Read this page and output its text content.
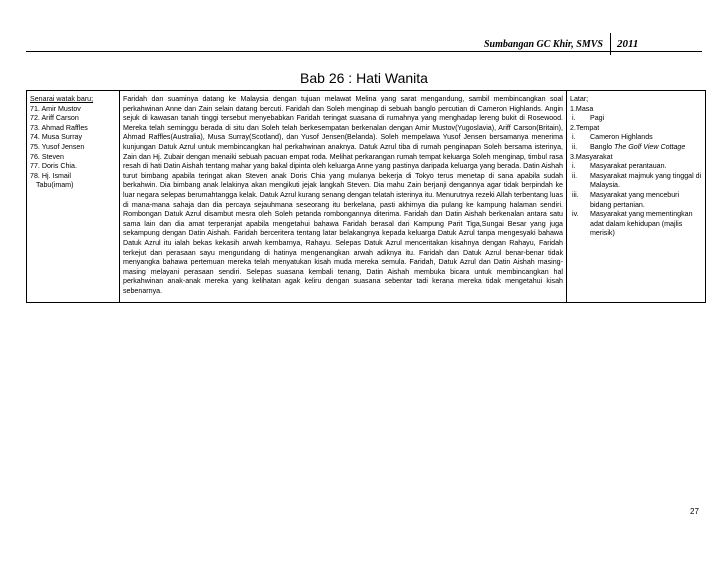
Sumbangan GC Khir, SMVS 2011
Bab 26 : Hati Wanita
Senarai watak baru;
71. Amir Mustov
72. Ariff Carson
73. Ahmad Raffles
74. Musa Surray
75. Yusof Jensen
76. Steven
77. Doris Chia.
78. Hj. Ismail
Tabu(imam)

Faridah dan suaminya datang ke Malaysia dengan tujuan melawat Melina yang sarat mengandung, sambil membincangkan soal perkahwinan Anne dan Zain selain datang bercuti. Faridah dan Soleh menginap di sebuah banglo percutian di Cameron Highlands. Angin sejuk di kawasan tanah tinggi tersebut menyebabkan Faridah teringat suasana di rumahnya yang menghadap lereng bukit di Rosewood. Mereka telah seminggu berada di situ dan Soleh telah berkesempatan berkenalan dengan Amir Mustov(Yugoslavia), Ariff Carson(Britain), Ahmad Raffles(Australia), Musa Surray(Scotland), dan Yusof Jensen(Belanda). Soleh mempelawa Yusof Jensen bersamanya menerima kunjungan Datuk Azrul untuk membincangkan hal perkahwinan anaknya. Datuk Azrul tiba di rumah penginapan Soleh bersama isterinya, Zain dan Hj. Zubair dengan menaiki sebuah pacuan empat roda. Melihat perkarangan rumah tempat keluarga Soleh menginap, timbul rasa resah di hati Datin Aishah tentang mahar yang bakal dipinta oleh keluarga Anne yang pastinya daripada keluarga yang berada. Datin Aishah turut bimbang apabila teringat akan Steven anak Doris Chia yang mulanya bekerja di Tokyo terus menetap di sana apabila sudah berkahwin. Dia bimbang anak lelakinya akan mengikuti jejak langkah Steven. Dia mahu Zain berjanji dengannya agar tidak berpindah ke luar negara selepas berumahtangga kelak. Datuk Azrul kurang senang dengan telatah isterinya itu. Menurutnya rezeki Allah terbentang luas di mana-mana sahaja dan dia percaya sejauhmana seseorang itu berkelana, pasti akhirnya dia pulang ke kampung halaman sendiri. Rombongan Datuk Azrul disambut mesra oleh Soleh petanda rombongannya diterima. Faridah dan Datin Aishah berkenalan antara satu sama lain dan dia amat terperanjat apabila mengetahui bahawa Faridah berasal dari Kampung Parit Tiga,Sungai Besar yang juga sekampung dengan Datin Aishah. Faridah berceritera tentang latar belakangnya kepada keluarga Datuk Azrul tanpa mengesyaki bahawa Datuk Azrul itu ialah bekas kekasih arwah kembarnya, Rahayu. Selepas Datuk Azrul menceritakan kisahnya dengan Rahayu, Faridah terkejut dan perasaan sayu mengundang di hatinya mengenangkan arwah adiknya itu. Faridah dan Datuk Azrul benar-benar tidak menyangka bahawa pertemuan mereka telah menyatukan kisah muda mereka semula. Faridah, Datuk Azrul dan Datin Aishah masing-masing melayani perasaan sendiri. Selepas suasana kembali tenang, Datin Aishah membuka bicara untuk membincangkan hal perkahwinan anak-anak mereka yang kelihatan agak keliru dengan suasana sebentar tadi kerana mereka tidak mengetahui kisah sebenarnya.

Latar;
1.Masa
i.	Pagi
2.Tempat
i.	Cameron Highlands
ii.	Banglo The Golf View Cottage
3.Masyarakat
i.	Masyarakat perantauan.
ii.	Masyarakat majmuk yang tinggal di Malaysia.
iii.	Masyarakat yang menceburi bidang pertanian.
iv.	Masyarakat yang mementingkan adat dalam kehidupan (majlis merisik)
27
